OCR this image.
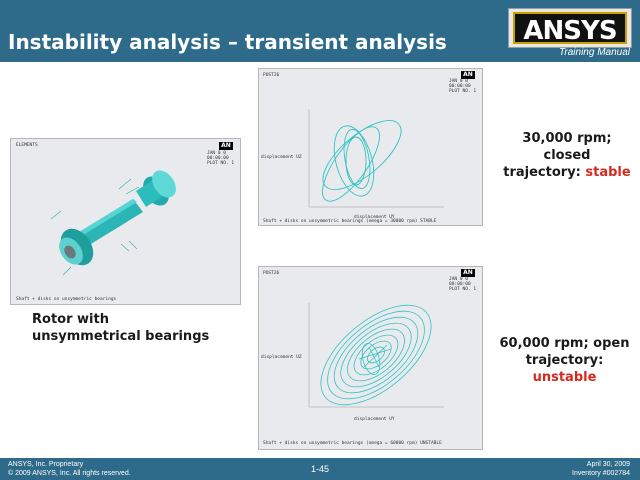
Instability analysis – transient analysis	ANSYS
Training Manual
ELEMENTS	AN
JAN 0 0
00:00:00
PLOT NO. 1
Shaft + disks on unsymmetric bearings
Rotor with unsymmetrical bearings
POST26	AN
JAN 0 0
00:00:00
PLOT NO. 1
displacement UZ
displacement UY
Shaft + disks on unsymmetric bearings (omega = 30000 rpm) STABLE
30,000 rpm; closed
trajectory: stable
POST26	AN
JAN 0 0
00:00:00
PLOT NO. 1
displacement UZ
displacement UY
Shaft + disks on unsymmetric bearings (omega = 60000 rpm) UNSTABLE
60,000 rpm; open
trajectory: unstable
ANSYS, Inc. Proprietary
© 2009 ANSYS, Inc. All rights reserved.	1-45	April 30, 2009
Inventory #002784
